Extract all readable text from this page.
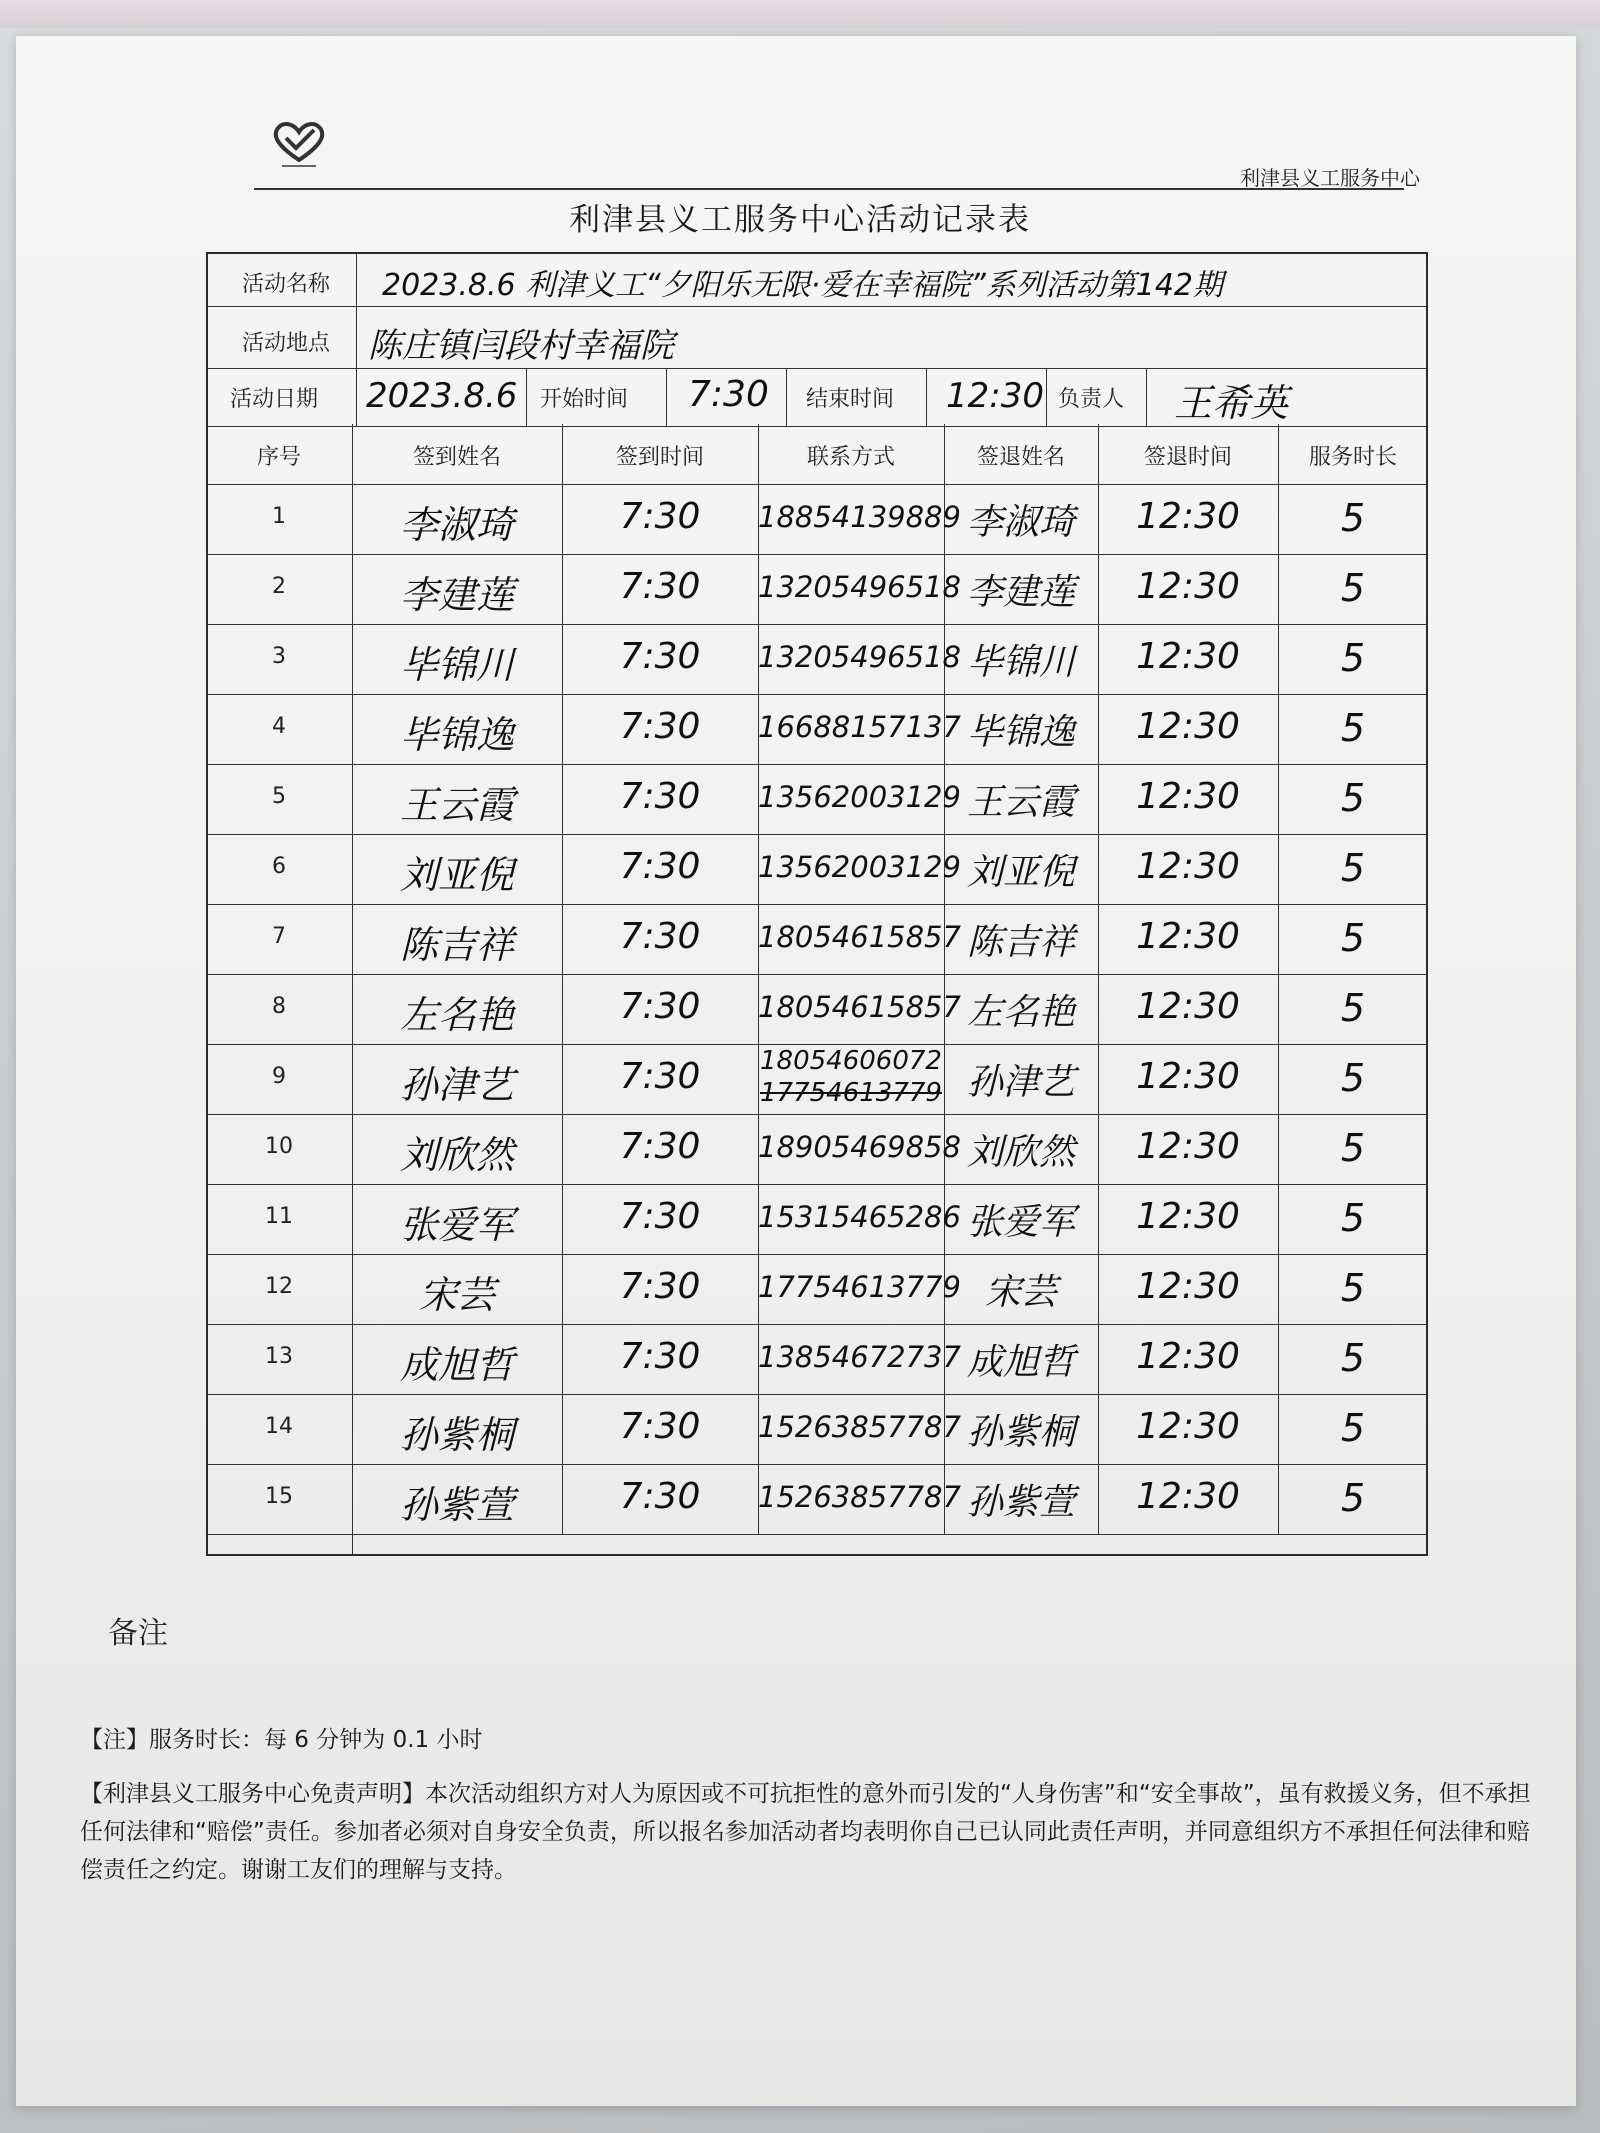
利津县义工服务中心
利津县义工服务中心活动记录表
活动名称 2023.8.6 利津义工“夕阳乐无限·爱在幸福院”系列活动第142期
活动地点 陈庄镇闫段村幸福院
活动日期 2023.8.6 开始时间 7:30 结束时间 12:30 负责人 王希英
序号	签到姓名	签到时间	联系方式	签退姓名	签退时间	服务时长
1	李淑琦	7:30	18854139889 李淑琦	12:30	5
2	李建莲	7:30	13205496518 李建莲	12:30	5
3	毕锦川	7:30	13205496518 毕锦川	12:30	5
4	毕锦逸	7:30	16688157137 毕锦逸	12:30	5
5	王云霞	7:30	13562003129 王云霞	12:30	5
6	刘亚倪	7:30	13562003129 刘亚倪	12:30	5
7	陈吉祥	7:30	18054615857 陈吉祥	12:30	5
8	左名艳	7:30	18054615857 左名艳	12:30	5
9	孙津艺	7:30	18054606072
17754613779 孙津艺	12:30	5
10	刘欣然	7:30	18905469858 刘欣然	12:30	5
11	张爱军	7:30	15315465286 张爱军	12:30	5
12	宋芸	7:30	17754613779 宋芸	12:30	5
13	成旭哲	7:30	13854672737 成旭哲	12:30	5
14	孙紫桐	7:30	15263857787 孙紫桐	12:30	5
15	孙紫萱	7:30	15263857787 孙紫萱	12:30	5
备注
【注】服务时长：每 6 分钟为 0.1 小时
【利津县义工服务中心免责声明】本次活动组织方对人为原因或不可抗拒性的意外而引发的“人身伤害”和“安全事故”，虽有救援义务，但不承担任何法律和“赔偿”责任。参加者必须对自身安全负责，所以报名参加活动者均表明你自己已认同此责任声明，并同意组织方不承担任何法律和赔偿责任之约定。谢谢工友们的理解与支持。
